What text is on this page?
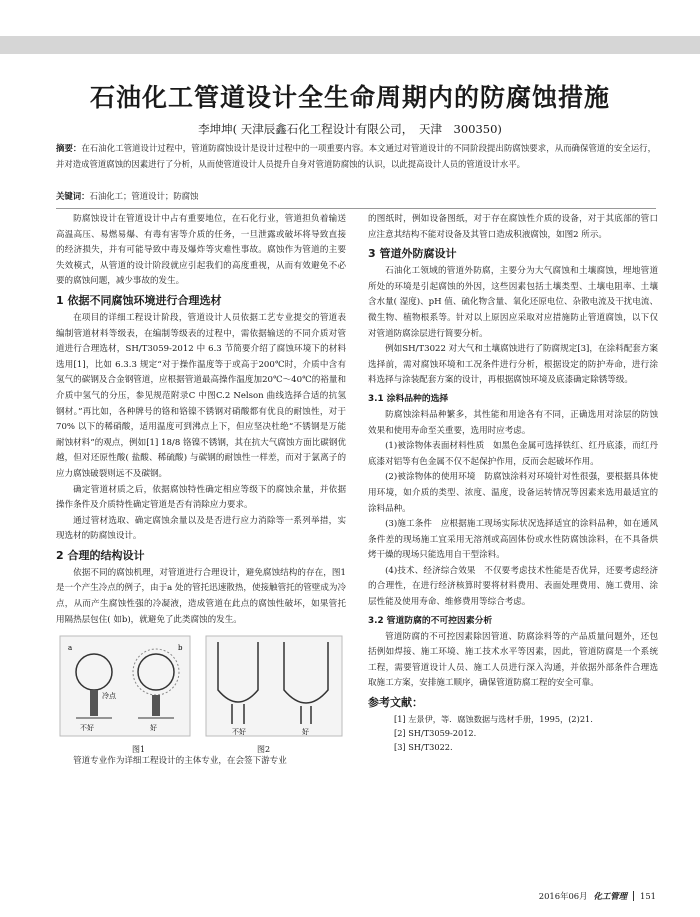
石油化工管道设计全生命周期内的防腐蚀措施
李坤坤( 天津辰鑫石化工程设计有限公司，　天津　300350)
摘要：在石油化工管道设计过程中，管道防腐蚀设计是设计过程中的一项重要内容。本文通过对管道设计的不同阶段提出防腐蚀要求，从而确保管道的安全运行，并对造成管道腐蚀的因素进行了分析，从而使管道设计人员提升自身对管道防腐蚀的认识，以此提高设计人员的管道设计水平。
关键词：石油化工；管道设计；防腐蚀

防腐蚀设计在管道设计中占有重要地位，在石化行业，管道担负着输送高温高压、易燃易爆、有毒有害等介质的任务，一旦泄露或破坏将导致直接的经济损失，并有可能导致中毒及爆炸等灾难性事故。腐蚀作为管道的主要失效模式，从管道的设计阶段就应引起我们的高度重视，从而有效避免不必要的腐蚀问题，减少事故的发生。

1 依据不同腐蚀环境进行合理选材

在项目的详细工程设计阶段，管道设计人员依据工艺专业提交的管道表编制管道材料等级表，在编制等级表的过程中，需依据输送的不同介质对管道进行合理选材，SH/T3059-2012 中 6.3 节简要介绍了腐蚀环境下的材料选用[1]，比如 6.3.3 规定“对于操作温度等于或高于200℃时，介质中含有氢气的碳钢及合金钢管道，应根据管道最高操作温度加20℃～40℃的裕量和介质中氢气的分压，参见规范附录C 中图C.2 Nelson 曲线选择合适的抗氢钢材。”再比如，各种牌号的铬和铬镍不锈钢对硝酸都有优良的耐蚀性，对于70% 以下的稀硝酸，适用温度可到沸点上下，但应坚决杜绝“不锈钢是万能耐蚀材料”的观点，例如[1] 18/8 铬镍不锈钢，其在抗大气腐蚀方面比碳钢优越，但对还原性酸( 盐酸、稀硫酸) 与碳钢的耐蚀性一样差，而对于氯离子的应力腐蚀破裂则远不及碳钢。

确定管道材质之后，依据腐蚀特性确定相应等级下的腐蚀余量，并依据操作条件及介质特性确定管道是否有消除应力要求。

通过管材选取、确定腐蚀余量以及是否进行应力消除等一系列举措，实现选材的防腐蚀设计。

2 合理的结构设计

依据不同的腐蚀机理，对管道进行合理设计，避免腐蚀结构的存在，图1 是一个产生冷点的例子，由于a 处的管托迅速散热，使接触管托的管壁成为冷点，从而产生腐蚀性强的冷凝液，造成管道在此点的腐蚀性破坏，如果管托用隔热层包住( 如b)，就避免了此类腐蚀的发生。

a	b
冷点
不好	好	不好	好
图1	图2

管道专业作为详细工程设计的主体专业，在会签下游专业

的图纸时，例如设备图纸，对于存在腐蚀性介质的设备，对于其底部的管口应注意其结构不能对设备及其管口造成积液腐蚀，如图2 所示。

3 管道外防腐设计

石油化工领域的管道外防腐，主要分为大气腐蚀和土壤腐蚀，埋地管道所处的环境是引起腐蚀的外因，这些因素包括土壤类型、土壤电阻率、土壤含水量( 湿度)、pH 值、硫化物含量、氧化还原电位、杂散电流及干扰电流、微生物、植物根系等。针对以上原因应采取对应措施防止管道腐蚀，以下仅对管道防腐涂层进行简要分析。

例如SH/T3022 对大气和土壤腐蚀进行了防腐规定[3]，在涂料配套方案选择前，需对腐蚀环境和工况条件进行分析，根据设定的防护寿命，进行涂料选择与涂装配套方案的设计，再根据腐蚀环境及底漆确定除锈等级。

3.1 涂料品种的选择

防腐蚀涂料品种繁多，其性能和用途各有不同，正确选用对涂层的防蚀效果和使用寿命至关重要，选用时应考虑。

(1)被涂物体表面材料性质　如黑色金属可选择铁红、红丹底漆，而红丹底漆对铝等有色金属不仅不起保护作用，反而会起破坏作用。

(2)被涂物体的使用环境　防腐蚀涂料对环境针对性很强，要根据具体使用环境，如介质的类型、浓度、温度，设备运转情况等因素来选用最适宜的涂料品种。

(3)施工条件　应根据施工现场实际状况选择适宜的涂料品种，如在通风条件差的现场施工宜采用无溶剂或高固体份或水性防腐蚀涂料，在不具备烘烤干燥的现场只能选用自干型涂料。

(4)技术、经济综合效果　不仅要考虑技术性能是否优异，还要考虑经济的合理性，在进行经济核算时要将材料费用、表面处理费用、施工费用、涂层性能及使用寿命、维修费用等综合考虑。

3.2 管道防腐的不可控因素分析

管道防腐的不可控因素除因管道、防腐涂料等的产品质量问题外，还包括例如焊接、施工环境、施工技术水平等因素，因此，管道防腐是一个系统工程，需要管道设计人员、施工人员进行深入沟通，并依据外部条件合理选取施工方案，安排施工顺序，确保管道防腐工程的安全可靠。

参考文献：
[1] 左景伊，等．腐蚀数据与选材手册，1995，(2)21.
[2] SH/T3059-2012.
[3] SH/T3022.
2016年06月 化工管理 151
